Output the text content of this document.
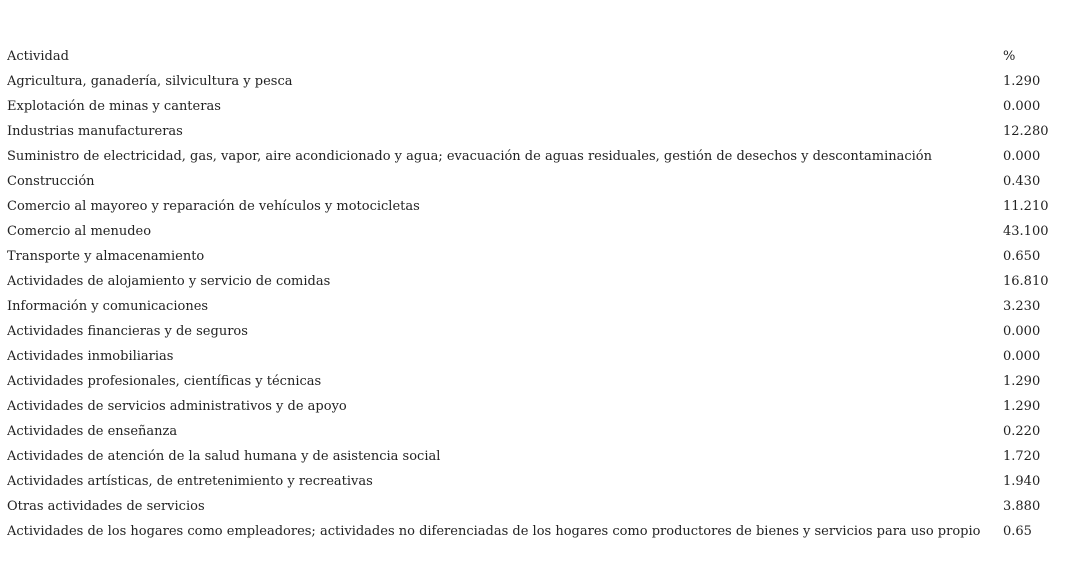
Actividad	%
Agricultura, ganadería, silvicultura y pesca	1.290
Explotación de minas y canteras	0.000
Industrias manufactureras	12.280
Suministro de electricidad, gas, vapor, aire acondicionado y agua; evacuación de aguas residuales, gestión de desechos y descontaminación	0.000
Construcción	0.430
Comercio al mayoreo y reparación de vehículos y motocicletas	11.210
Comercio al menudeo	43.100
Transporte y almacenamiento	0.650
Actividades de alojamiento y servicio de comidas	16.810
Información y comunicaciones	3.230
Actividades financieras y de seguros	0.000
Actividades inmobiliarias	0.000
Actividades profesionales, científicas y técnicas	1.290
Actividades de servicios administrativos y de apoyo	1.290
Actividades de enseñanza	0.220
Actividades de atención de la salud humana y de asistencia social	1.720
Actividades artísticas, de entretenimiento y recreativas	1.940
Otras actividades de servicios	3.880
Actividades de los hogares como empleadores; actividades no diferenciadas de los hogares como productores de bienes y servicios para uso propio	0.65
